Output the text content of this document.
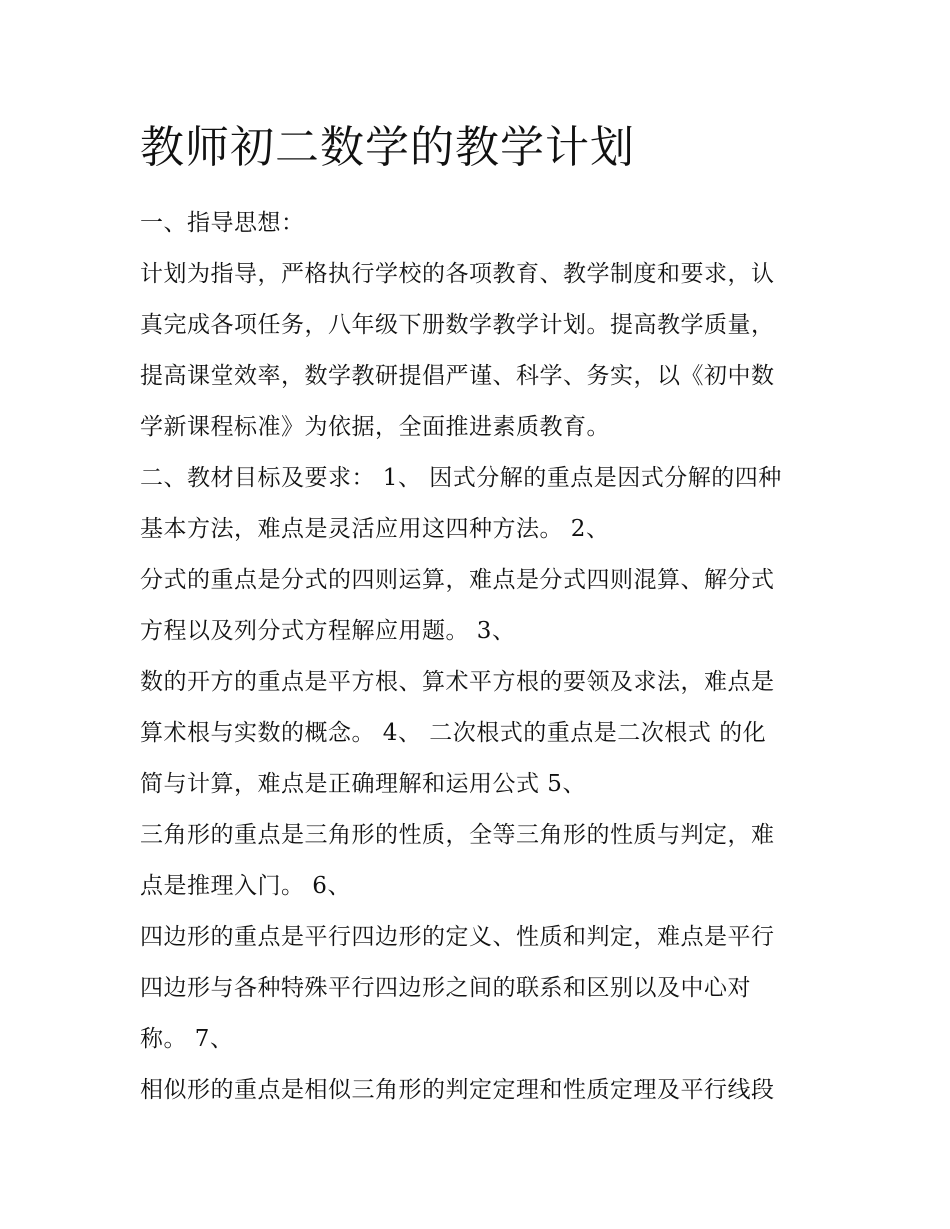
教师初二数学的教学计划

一、指导思想：

计划为指导，严格执行学校的各项教育、教学制度和要求，认

真完成各项任务，八年级下册数学教学计划。提高教学质量，

提高课堂效率，数学教研提倡严谨、科学、务实，以《初中数

学新课程标准》为依据，全面推进素质教育。

二、教材目标及要求： 1、 因式分解的重点是因式分解的四种

基本方法，难点是灵活应用这四种方法。 2、

分式的重点是分式的四则运算，难点是分式四则混算、解分式

方程以及列分式方程解应用题。 3、

数的开方的重点是平方根、算术平方根的要领及求法，难点是

算术根与实数的概念。 4、 二次根式的重点是二次根式 的化

简与计算，难点是正确理解和运用公式 5、

三角形的重点是三角形的性质，全等三角形的性质与判定，难

点是推理入门。 6、

四边形的重点是平行四边形的定义、性质和判定，难点是平行

四边形与各种特殊平行四边形之间的联系和区别以及中心对

称。 7、

相似形的重点是相似三角形的判定定理和性质定理及平行线段
